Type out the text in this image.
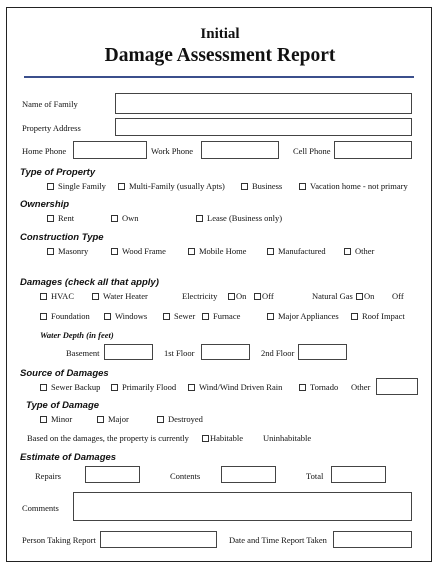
Initial
Damage Assessment Report
Name of Family
Property Address
Home Phone	Work Phone	Cell Phone
Type of Property
Single Family	Multi-Family (usually Apts)	Business	Vacation home - not primary
Ownership
Rent	Own	Lease (Business only)
Construction Type
Masonry	Wood Frame	Mobile Home	Manufactured	Other
Damages (check all that apply)
HVAC	Water Heater	Electricity On Off	Natural Gas On Off
Foundation	Windows	Sewer Furnace	Major Appliances	Roof Impact
Water Depth (in feet)
Basement	1st Floor	2nd Floor
Source of Damages
Sewer Backup	Primarily Flood	Wind/Wind Driven Rain	Tornado Other
Type of Damage
Minor	Major	Destroyed
Based on the damages, the property is currently Habitable Uninhabitable
Estimate of Damages
Repairs	Contents	Total
Comments
Person Taking Report	Date and Time Report Taken
